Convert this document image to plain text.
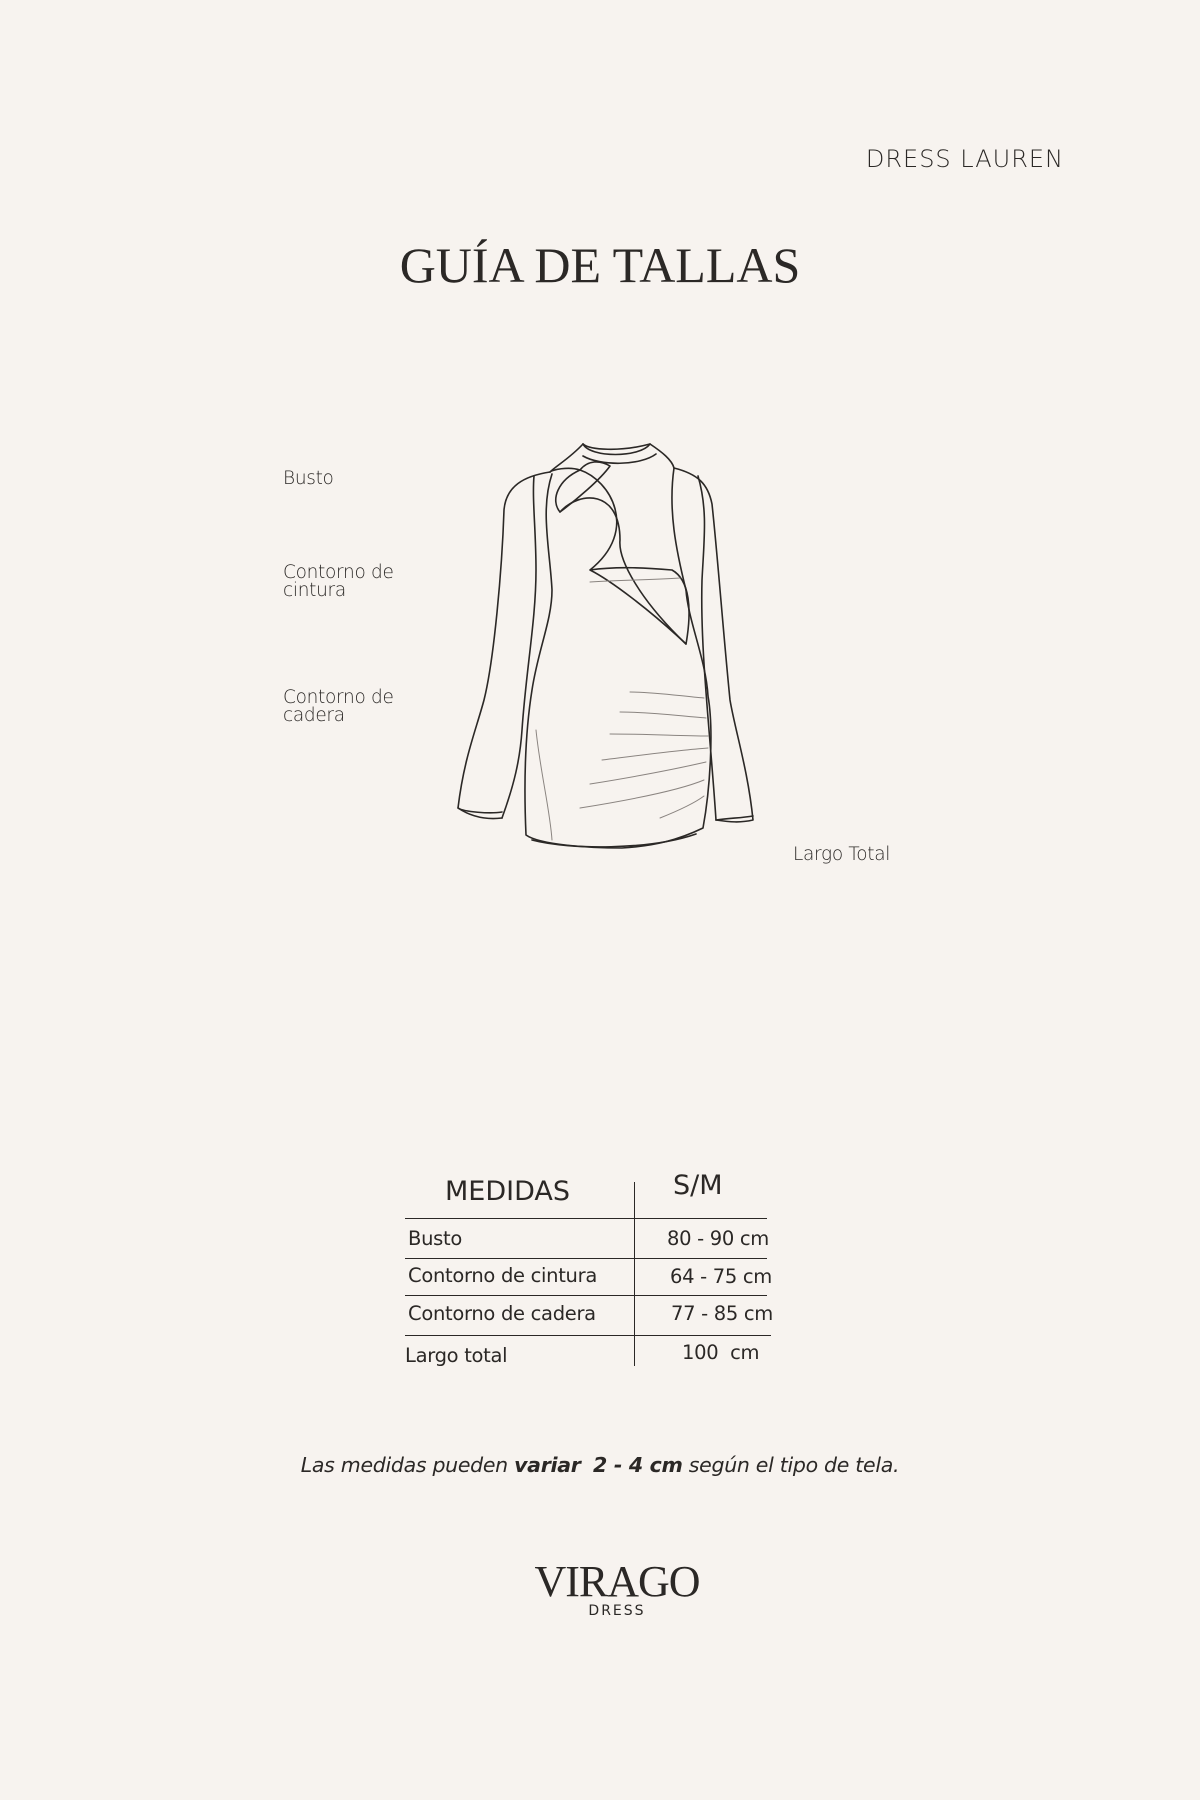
DRESS LAUREN
GUÍA DE TALLAS
Busto
Contorno de
cintura
Contorno de
cadera
Largo Total
MEDIDAS	S/M
Busto	80 - 90 cm
Contorno de cintura	64 - 75 cm
Contorno de cadera	77 - 85 cm
Largo total	100  cm
Las medidas pueden variar 2 - 4 cm según el tipo de tela.
VIRAGO
DRESS
